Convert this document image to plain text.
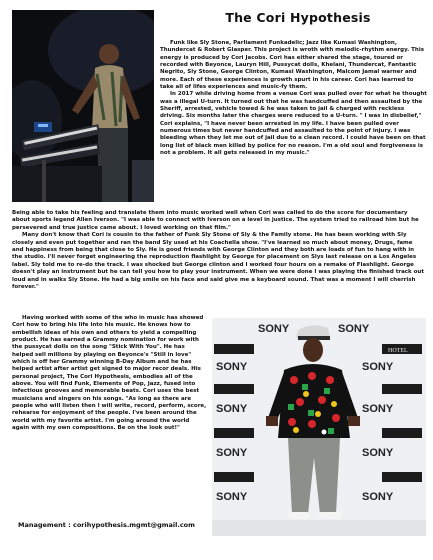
The Cori Hypothesis

Funk like Sly Stone, Parliament Funkadelic; Jazz like Kumasi Washington, Thundercat & Robert Glasper. This project is wroth with melodic-rhythm energy. This energy is produced by Cori Jacobs. Cori has either shared the stage, toured or recorded with Beyonce, Lauryn Hill, Pussycat dolls, Khelani, Thundercat, Fantastic Negrito, Sly Stone, George Clinton, Kumasi Washington, Malcom Jamal warner and more. Each of these experiences is growth spurt in his career. Cori has learned to take all of lifes experiences and music-fy them.

In 2017 while driving home from a venue Cori was pulled over for what he thought was a illegal U-turn. It turned out that he was handcuffed and then assaulted by the Sheriff, arrested, vehicle towed & he was taken to jail & charged with reckless driving. Six months later the charges were reduced to a U-turn. " I was in disbelief," Cori explains, "I have never been arrested in my life. I have been pulled over numerous times but never handcuffed and assaulted to the point of injury. I was bleeding when they let me out of jail due to a clean record. I could have been on that long list of black men killed by police for no reason. I'm a old soul and forgiveness is not a problem. It all gets released in my music."

Being able to take his feeling and translate them into music worked well when Cori was called to do the score for documentary about sports legend Allen Iverson. "I was able to connect with Iverson on a level in justice. The system tried to railroad him but he persevered and true justice came about. I loved working on that film."

Many don't know that Cori is cousin to the father of Funk Sly Stone of Sly & the Family stone. He has been working with Sly closely and even put together and ran the band Sly used at his Coachella show. "I've learned so much about money, Drugs, fame and happiness from being that close to Sly. He is good friends with George Clinton and they both are loads of fun to hang with in the studio. I'll never forget engineering the reproduction flashlight by George for placement on Slys last release on a Los Angeles label. Sly told me to re-do the track. I was shocked but George clinton and I worked four hours on a remake of Flashlight. George doesn't play an instrument but he can tell you how to play your instrument. When we were done I was playing the finished track out loud and in walks Sly Stone. He had a big smile on his face and said give me a keyboard sound. That was a moment I will cherrish forever."

Having worked with some of the who in music has showed Cori how to bring his life into his music. He knows how to embellish ideas of his own and others to yield a compelling product. He has earned a Grammy nomination for work with the pussycat dolls on the song "Stick With You". He has helped sell millions by playing on Beyonce's "Still in love" which is off her Grammy winning B-Day Album and he has helped artist after artist get signed to major recor deals. His personal project, The Cori Hypothesis, embodies all of the above. You will find Funk, Elements of Pop, Jazz, fused into infectious grooves and memorable beats. Cori uses the best musicians and singers on his songs. "As long as there are people who will listen then I will write, record, perform, score, rehearse for enjoyment of the people. I've been around the world with my favorite artist. I'm going around the world again with my own compositions. Be on the look out!"

SONY	SONY
SONY	SONY
SONY	SONY
SONY	SONY
SONY	SONY
HOTEL
Management : corihypothesis.mgmt@gmail.com
